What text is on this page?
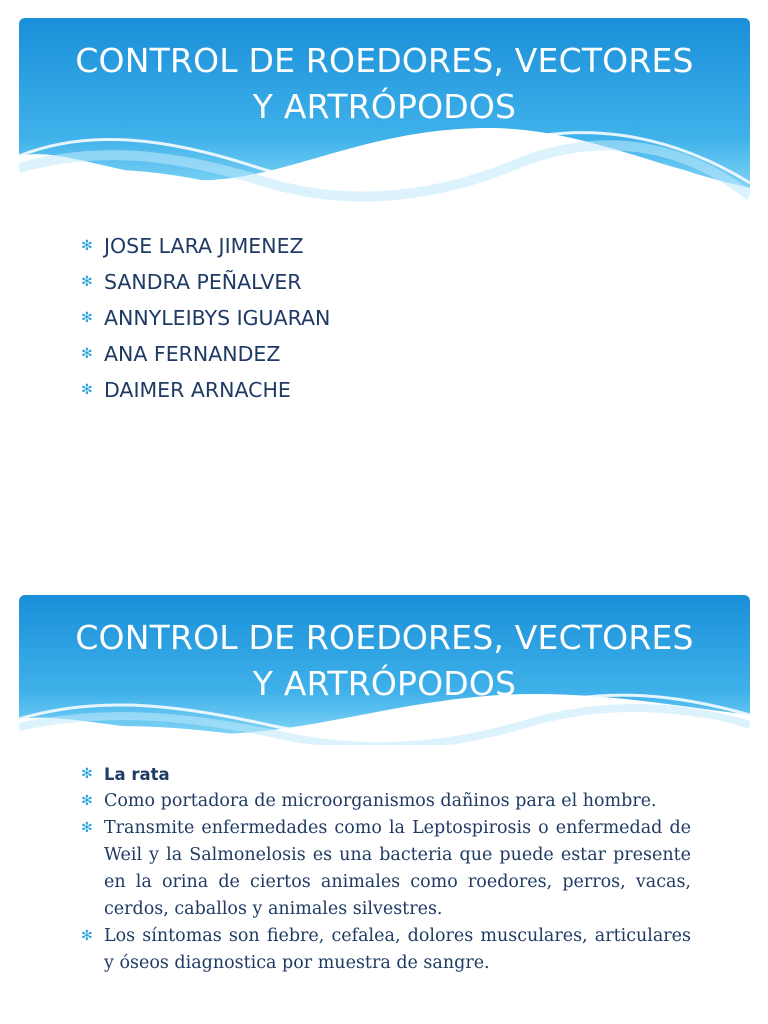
CONTROL DE ROEDORES, VECTORES
Y ARTRÓPODOS
✻ JOSE LARA JIMENEZ
✻ SANDRA PEÑALVER
✻ ANNYLEIBYS IGUARAN
✻ ANA FERNANDEZ
✻ DAIMER ARNACHE
CONTROL DE ROEDORES, VECTORES
Y ARTRÓPODOS
✻ La rata
✻ Como portadora de microorganismos dañinos para el hombre.
✻ Transmite enfermedades como la Leptospirosis o enfermedad de Weil y la Salmonelosis es una bacteria que puede estar presente en la orina de ciertos animales como roedores, perros, vacas, cerdos, caballos y animales silvestres.
✻ Los síntomas son fiebre, cefalea, dolores musculares, articulares y óseos diagnostica por muestra de sangre.
